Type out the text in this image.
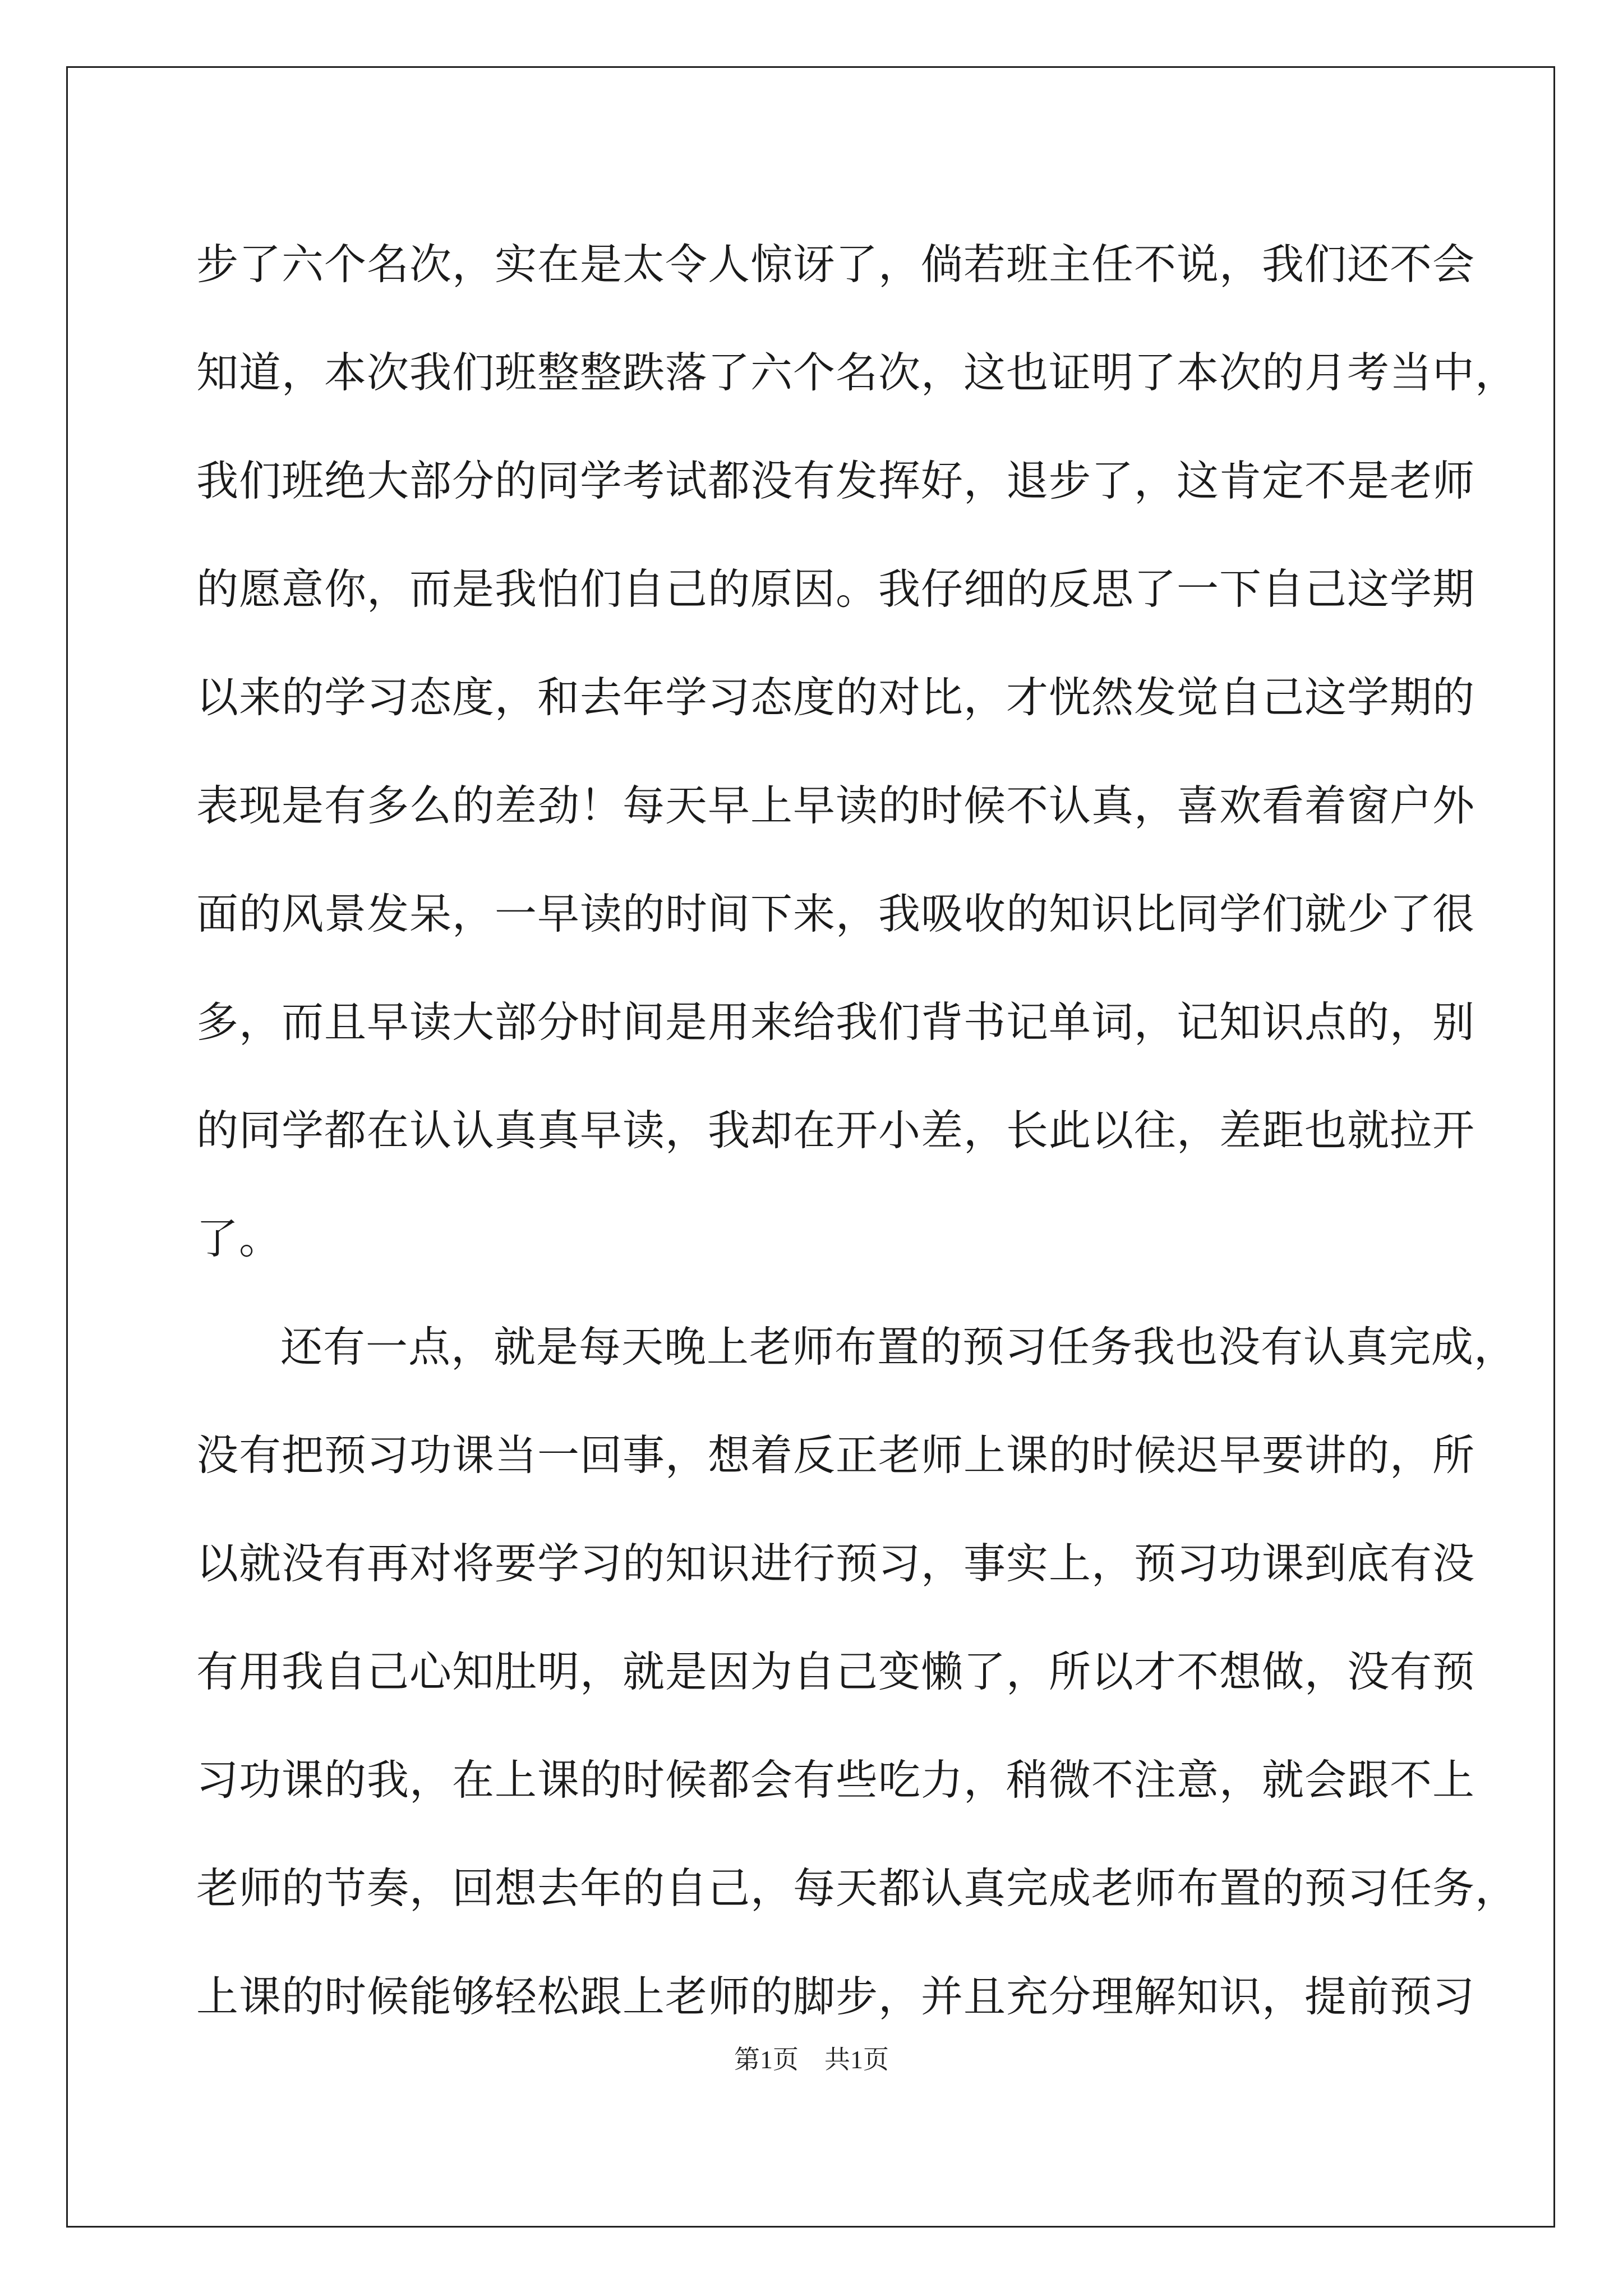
步了六个名次，实在是太令人惊讶了，倘若班主任不说，我们还不会
知道，本次我们班整整跌落了六个名次，这也证明了本次的月考当中，
我们班绝大部分的同学考试都没有发挥好，退步了，这肯定不是老师
的愿意你，而是我怕们自己的原因。我仔细的反思了一下自己这学期
以来的学习态度，和去年学习态度的对比，才恍然发觉自己这学期的
表现是有多么的差劲！每天早上早读的时候不认真，喜欢看着窗户外
面的风景发呆，一早读的时间下来，我吸收的知识比同学们就少了很
多，而且早读大部分时间是用来给我们背书记单词，记知识点的，别
的同学都在认认真真早读，我却在开小差，长此以往，差距也就拉开
了。
还有一点，就是每天晚上老师布置的预习任务我也没有认真完成，
没有把预习功课当一回事，想着反正老师上课的时候迟早要讲的，所
以就没有再对将要学习的知识进行预习，事实上，预习功课到底有没
有用我自己心知肚明，就是因为自己变懒了，所以才不想做，没有预
习功课的我，在上课的时候都会有些吃力，稍微不注意，就会跟不上
老师的节奏，回想去年的自己，每天都认真完成老师布置的预习任务，
上课的时候能够轻松跟上老师的脚步，并且充分理解知识，提前预习
第1页 共1页
